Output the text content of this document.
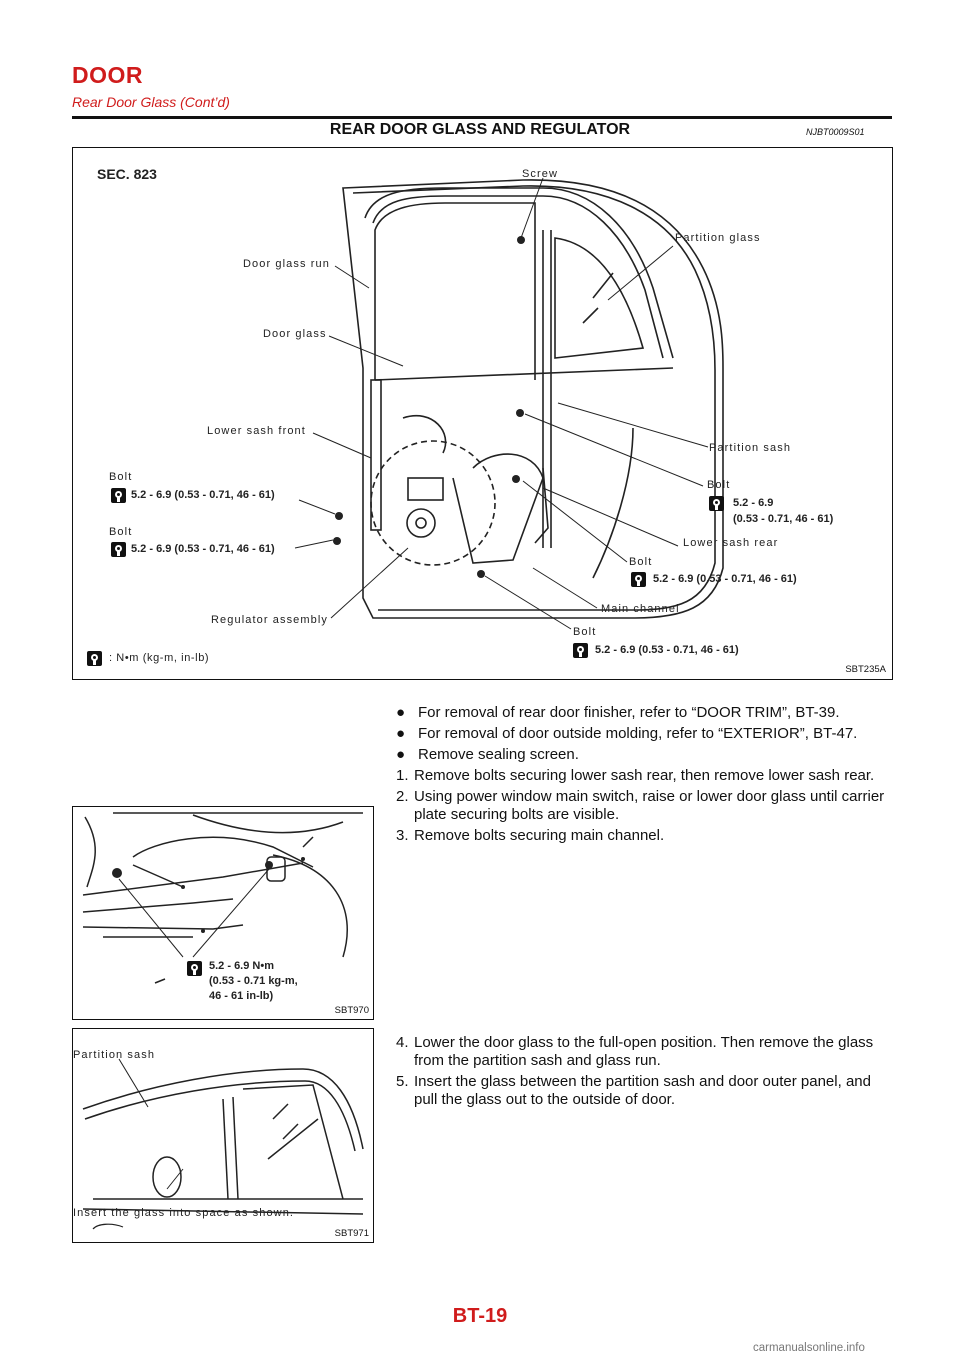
DOOR
Rear Door Glass (Cont’d)
REAR DOOR GLASS AND REGULATOR	NJBT0009S01
SEC. 823	Screw
Partition glass
Door glass run
Door glass
Lower sash front
Partition sash
Bolt
5.2 - 6.9 (0.53 - 0.71, 46 - 61)
Bolt
5.2 - 6.9 (0.53 - 0.71, 46 - 61)
Bolt
5.2 - 6.9
(0.53 - 0.71, 46 - 61)
Lower sash rear
Bolt
5.2 - 6.9 (0.53 - 0.71, 46 - 61)
Regulator assembly
Main channel
Bolt
5.2 - 6.9 (0.53 - 0.71, 46 - 61)
: N•m (kg-m, in-lb)
SBT235A
5.2 - 6.9 N•m
(0.53 - 0.71 kg-m,
46 - 61 in-lb)
SBT970
Partition sash
Insert the glass into space as shown.
SBT971
● For removal of rear door finisher, refer to “DOOR TRIM”, BT-39.
● For removal of door outside molding, refer to “EXTERIOR”, BT-47.
● Remove sealing screen.
1. Remove bolts securing lower sash rear, then remove lower sash rear.
2. Using power window main switch, raise or lower door glass until carrier plate securing bolts are visible.
3. Remove bolts securing main channel.
4. Lower the door glass to the full-open position. Then remove the glass from the partition sash and glass run.
5. Insert the glass between the partition sash and door outer panel, and pull the glass out to the outside of door.
BT-19
carmanualsonline.info
